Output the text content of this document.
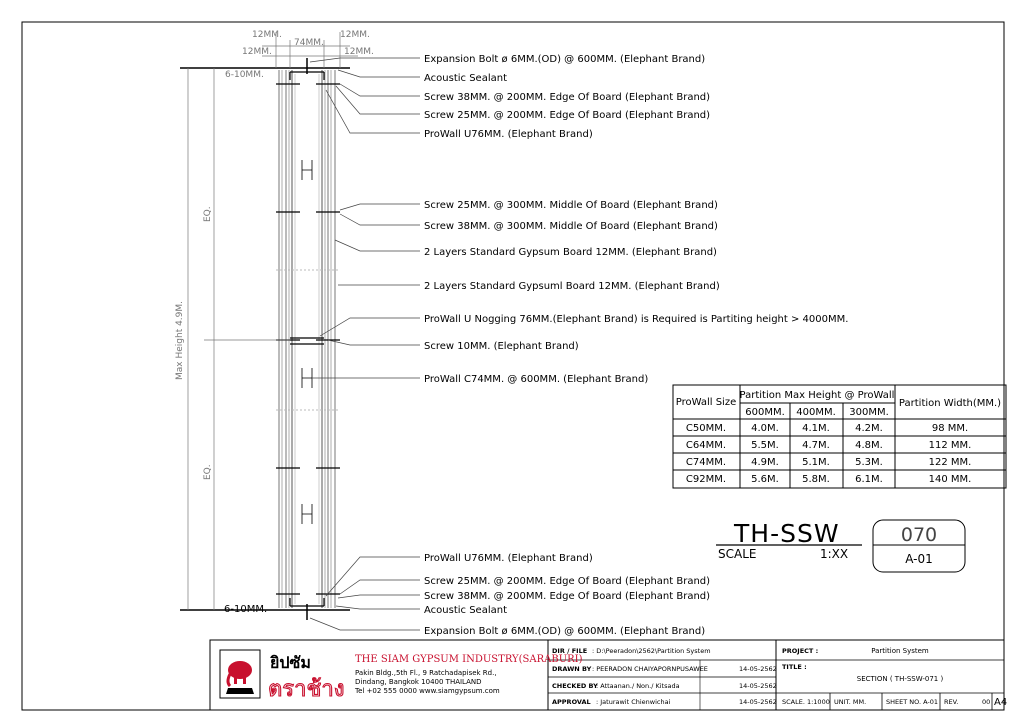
12MM.
12MM.
74MM.
12MM.
12MM.
6-10MM.
6-10MM.
EQ.
EQ.
Max Height 4.9M.
Expansion Bolt ø 6MM.(OD) @ 600MM. (Elephant Brand)
Acoustic Sealant
Screw 38MM. @ 200MM. Edge Of Board (Elephant Brand)
Screw 25MM. @ 200MM. Edge Of Board (Elephant Brand)
ProWall U76MM. (Elephant Brand)
Screw 25MM. @ 300MM. Middle Of Board (Elephant Brand)
Screw 38MM. @ 300MM. Middle Of Board (Elephant Brand)
2 Layers Standard Gypsum Board 12MM. (Elephant Brand)
2 Layers Standard Gypsuml Board 12MM. (Elephant Brand)
ProWall U Nogging 76MM.(Elephant Brand) is Required is Partiting height > 4000MM.
Screw 10MM. (Elephant Brand)
ProWall C74MM. @ 600MM. (Elephant Brand)
ProWall U76MM. (Elephant Brand)
Screw 25MM. @ 200MM. Edge Of Board (Elephant Brand)
Screw 38MM. @ 200MM. Edge Of Board (Elephant Brand)
Acoustic Sealant
Expansion Bolt ø 6MM.(OD) @ 600MM. (Elephant Brand)
ProWall Size
Partition Max Height @ ProWall
Partition Width(MM.)
600MM. 400MM. 300MM.
C50MM.	4.0M. 4.1M.	4.2M.	98 MM.
C64MM.	5.5M. 4.7M.	4.8M.	112 MM.
C74MM.	4.9M. 5.1M.	5.3M.	122 MM.
C92MM.	5.6M. 5.8M.	6.1M.	140 MM.
TH-SSW
SCALE	1:XX
070
A-01
ยิปซัม
ตราช้าง
THE SIAM GYPSUM INDUSTRY(SARABURI)
Pakin Bldg.,5th Fl., 9 Ratchadapisek Rd.,
Dindang, Bangkok 10400 THAILAND
Tel +02 555 0000 www.siamgypsum.com
DIR / FILE : D:\Peeradon\2562\Partition System
DRAWN BY : PEERADON CHAIYAPORNPUSAWEE	14-05-2562
CHECKED BY
: Attaanan./ Non./ Kitsada	14-05-2562
APPROVAL : Jaturawit Chienwichai	14-05-2562
PROJECT :	Partition System
TITLE :
SECTION ( TH-SSW-071 )
SCALE. 1:1000 UNIT. MM.	SHEET NO. A-01 REV.	00 A4
